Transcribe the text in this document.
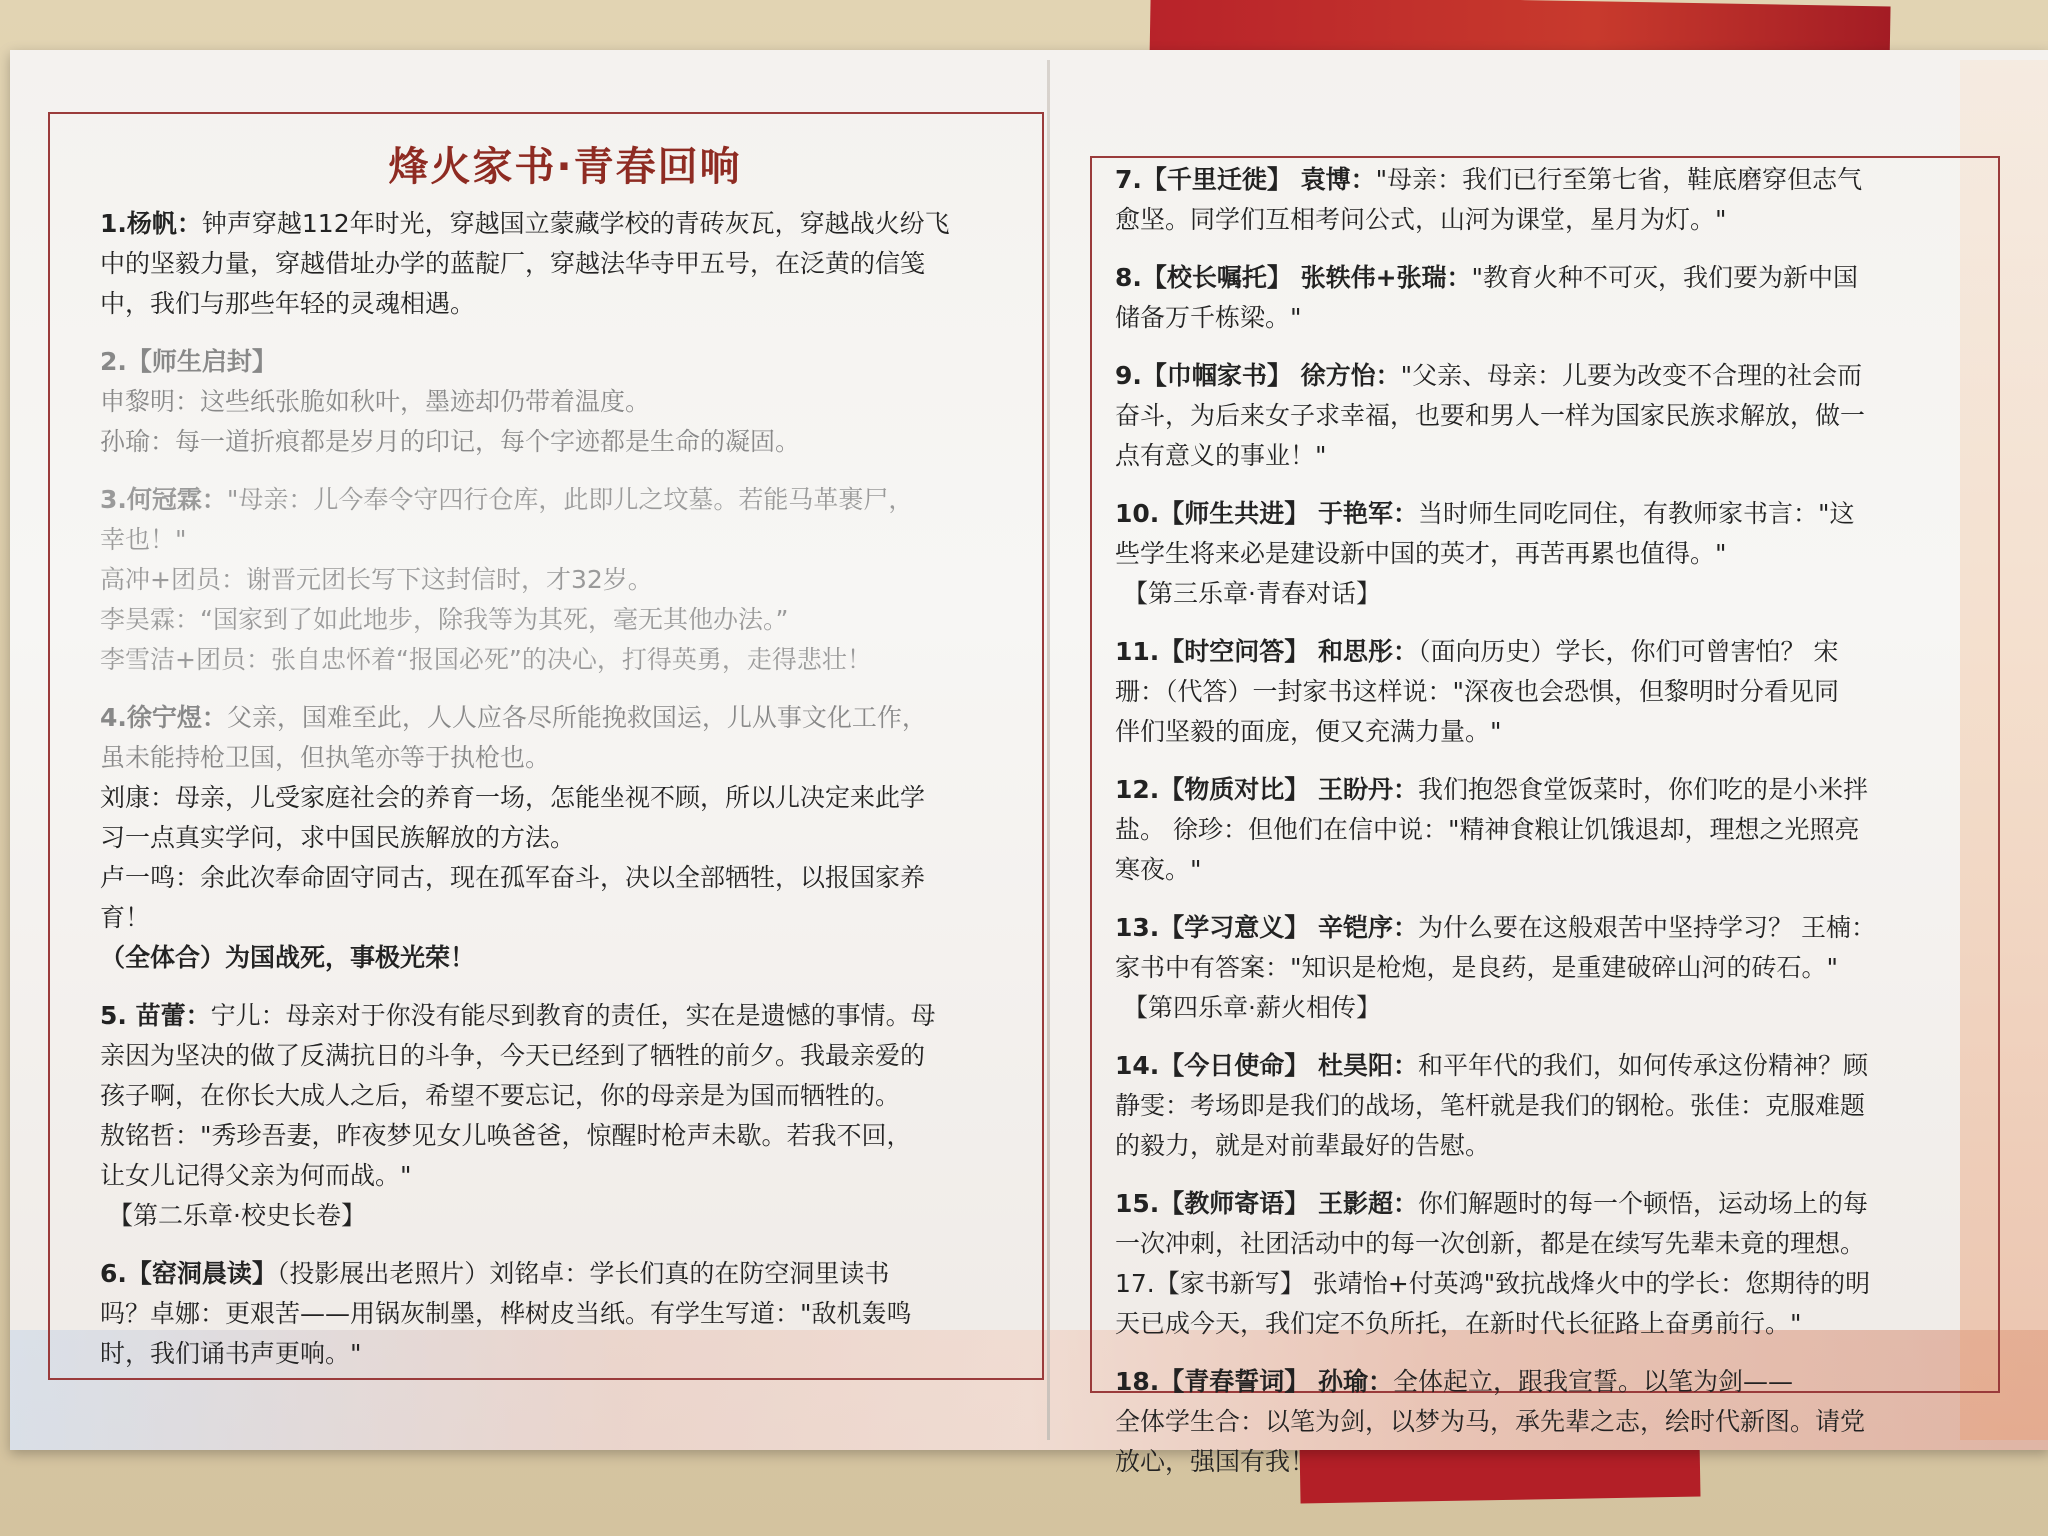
烽火家书·青春回响

1.杨帆：钟声穿越112年时光，穿越国立蒙藏学校的青砖灰瓦，穿越战火纷飞

中的坚毅力量，穿越借址办学的蓝靛厂，穿越法华寺甲五号，在泛黄的信笺

中，我们与那些年轻的灵魂相遇。

2.【师生启封】

申黎明：这些纸张脆如秋叶，墨迹却仍带着温度。

孙瑜：每一道折痕都是岁月的印记，每个字迹都是生命的凝固。

3.何冠霖："母亲：儿今奉令守四行仓库，此即儿之坟墓。若能马革裹尸，

幸也！"

高冲+团员：谢晋元团长写下这封信时，才32岁。

李昊霖：“国家到了如此地步，除我等为其死，毫无其他办法。”

李雪洁+团员：张自忠怀着“报国必死”的决心，打得英勇，走得悲壮！

4.徐宁煜：父亲，国难至此，人人应各尽所能挽救国运，儿从事文化工作，

虽未能持枪卫国，但执笔亦等于执枪也。

刘康：母亲，儿受家庭社会的养育一场，怎能坐视不顾，所以儿决定来此学

习一点真实学问，求中国民族解放的方法。

卢一鸣：余此次奉命固守同古，现在孤军奋斗，决以全部牺牲，以报国家养

育！

（全体合）为国战死，事极光荣！

5. 苗蕾：宁儿：母亲对于你没有能尽到教育的责任，实在是遗憾的事情。母

亲因为坚决的做了反满抗日的斗争，今天已经到了牺牲的前夕。我最亲爱的

孩子啊，在你长大成人之后，希望不要忘记，你的母亲是为国而牺牲的。

敖铭哲："秀珍吾妻，昨夜梦见女儿唤爸爸，惊醒时枪声未歇。若我不回，

让女儿记得父亲为何而战。"

【第二乐章·校史长卷】

6.【窑洞晨读】（投影展出老照片）刘铭卓：学长们真的在防空洞里读书

吗？卓娜：更艰苦——用锅灰制墨，桦树皮当纸。有学生写道："敌机轰鸣

时，我们诵书声更响。"

7.【千里迁徙】 袁博："母亲：我们已行至第七省，鞋底磨穿但志气

愈坚。同学们互相考问公式，山河为课堂，星月为灯。"

8.【校长嘱托】 张轶伟+张瑞："教育火种不可灭，我们要为新中国

储备万千栋梁。"

9.【巾帼家书】 徐方怡："父亲、母亲：儿要为改变不合理的社会而

奋斗，为后来女子求幸福，也要和男人一样为国家民族求解放，做一

点有意义的事业！"

10.【师生共进】 于艳军：当时师生同吃同住，有教师家书言："这

些学生将来必是建设新中国的英才，再苦再累也值得。"

【第三乐章·青春对话】

11.【时空问答】 和思彤：（面向历史）学长，你们可曾害怕？ 宋

珊：（代答）一封家书这样说："深夜也会恐惧，但黎明时分看见同

伴们坚毅的面庞，便又充满力量。"

12.【物质对比】 王盼丹：我们抱怨食堂饭菜时，你们吃的是小米拌

盐。 徐珍：但他们在信中说："精神食粮让饥饿退却，理想之光照亮

寒夜。"

13.【学习意义】 辛铠序：为什么要在这般艰苦中坚持学习？ 王楠：

家书中有答案："知识是枪炮，是良药，是重建破碎山河的砖石。"

【第四乐章·薪火相传】

14.【今日使命】 杜昊阳：和平年代的我们，如何传承这份精神？顾

静雯：考场即是我们的战场，笔杆就是我们的钢枪。张佳：克服难题

的毅力，就是对前辈最好的告慰。

15.【教师寄语】 王影超：你们解题时的每一个顿悟，运动场上的每

一次冲刺，社团活动中的每一次创新，都是在续写先辈未竟的理想。

17.【家书新写】 张靖怡+付英鸿"致抗战烽火中的学长：您期待的明

天已成今天，我们定不负所托，在新时代长征路上奋勇前行。"

18.【青春誓词】 孙瑜：全体起立，跟我宣誓。以笔为剑——

全体学生合：以笔为剑，以梦为马，承先辈之志，绘时代新图。请党

放心，强国有我！
